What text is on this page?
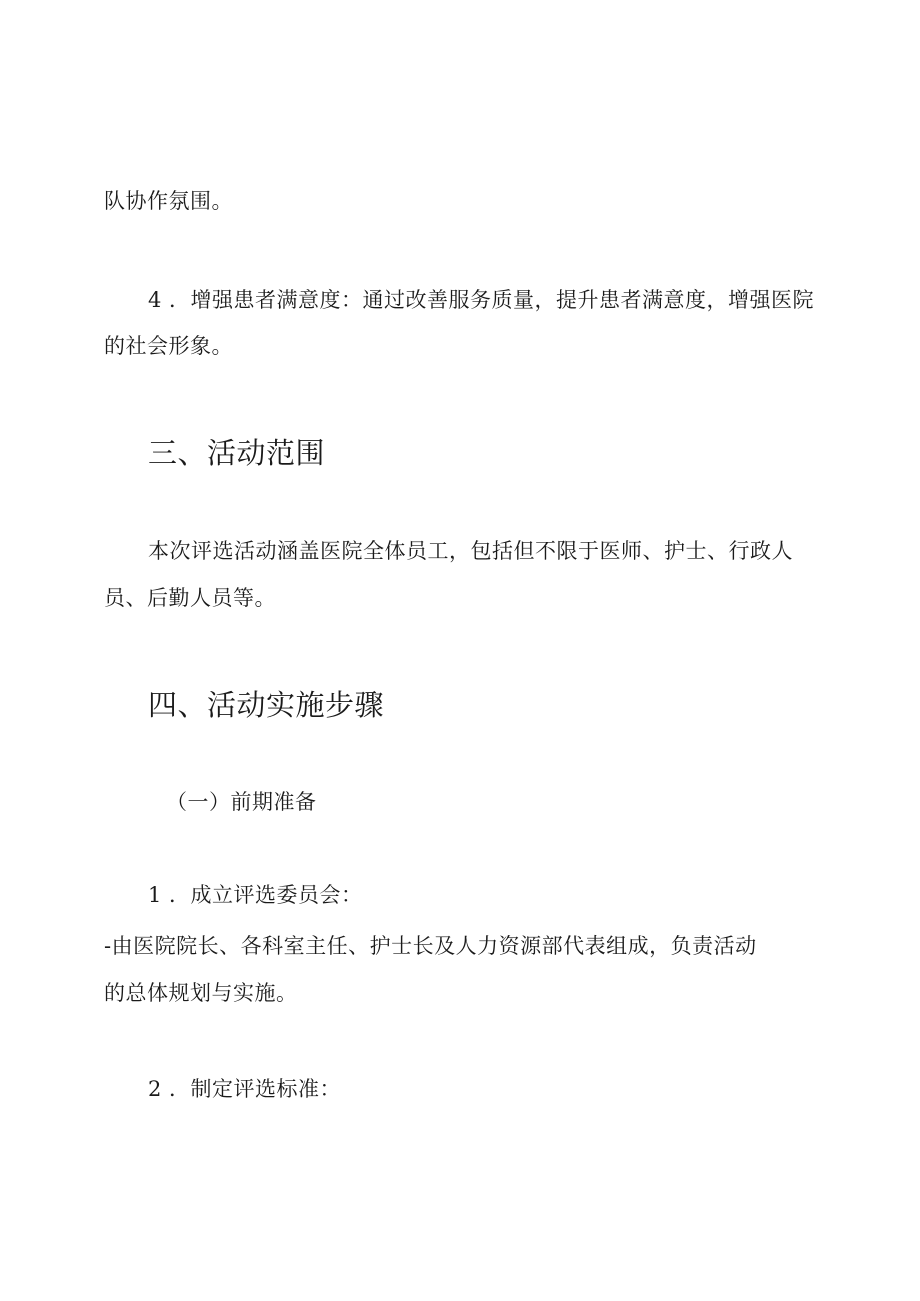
队协作氛围。
4 ．增强患者满意度：通过改善服务质量，提升患者满意度，增强医院
的社会形象。
三、活动范围
本次评选活动涵盖医院全体员工，包括但不限于医师、护士、行政人
员、后勤人员等。
四、活动实施步骤
（一）前期准备
1 ．成立评选委员会：
-由医院院长、各科室主任、护士长及人力资源部代表组成，负责活动
的总体规划与实施。
2 ．制定评选标准：
